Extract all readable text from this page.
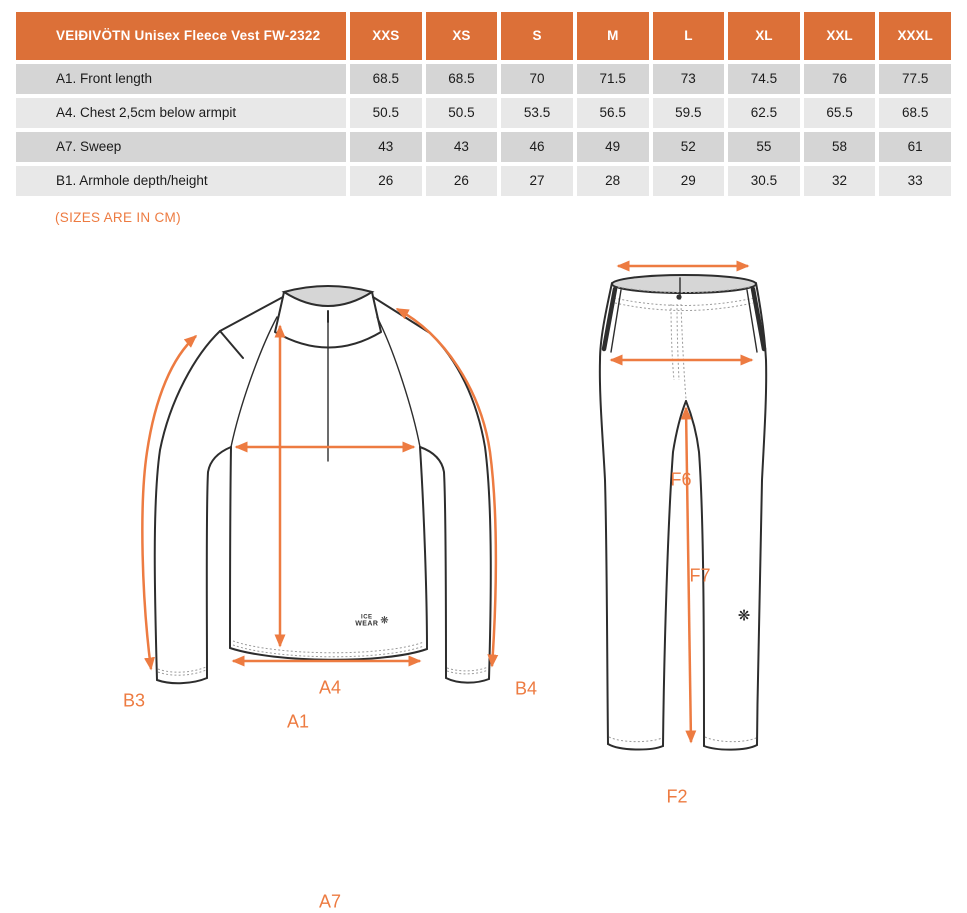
VEIÐIVÖTN Unisex Fleece Vest FW-2322	XXS	XS	S	M	L	XL	XXL	XXXL
A1. Front length	68.5	68.5	70	71.5	73	74.5	76	77.5
A4. Chest 2,5cm below armpit	50.5	50.5	53.5	56.5	59.5	62.5	65.5	68.5
A7. Sweep	43	43	46	49	52	55	58	61
B1. Armhole depth/height	26	26	27	28	29	30.5	32	33
(SIZES ARE IN CM)
B3
A4
A1
B4
A7
F6
F7
F2
ICE
WEAR ❋	❋
